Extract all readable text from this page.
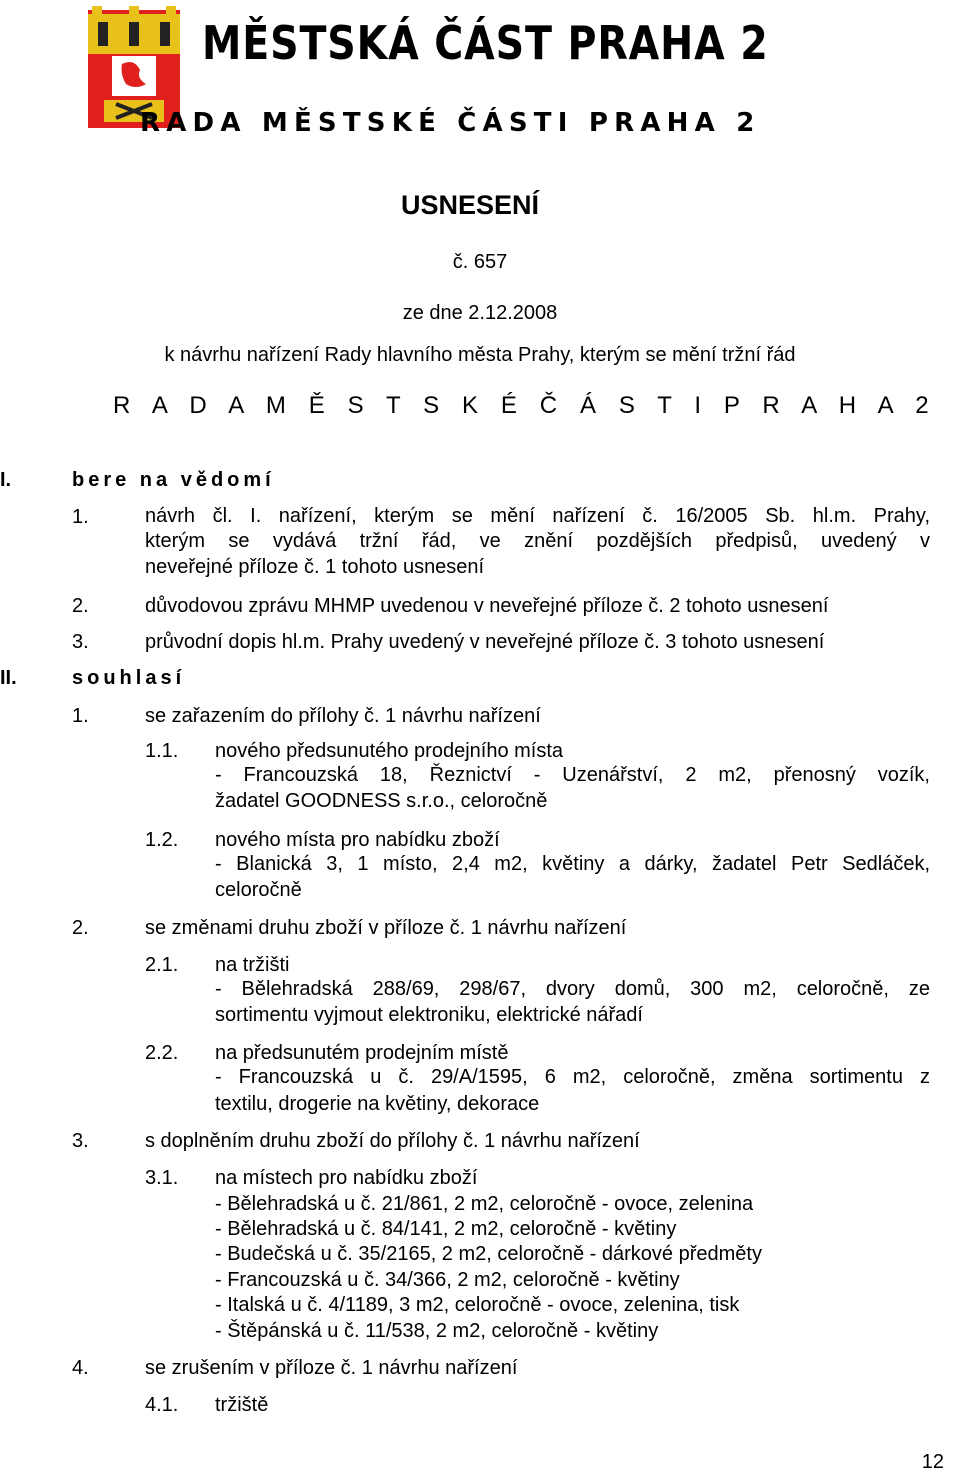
MĚSTSKÁ ČÁST PRAHA 2
RADA MĚSTSKÉ ČÁSTI PRAHA 2
USNESENÍ
č. 657
ze dne 2.12.2008
k návrhu nařízení Rady hlavního města Prahy, kterým se mění tržní řád
R A D A M Ě S T S K É Č Á S T I P R A H A 2
I.	bere na vědomí
1.	návrh čl. I. nařízení, kterým se mění nařízení č. 16/2005 Sb. hl.m. Prahy,
kterým se vydává tržní řád, ve znění pozdějších předpisů, uvedený v
neveřejné příloze č. 1 tohoto usnesení
2.	důvodovou zprávu MHMP uvedenou v neveřejné příloze č. 2 tohoto usnesení
3.	průvodní dopis hl.m. Prahy uvedený v neveřejné příloze č. 3 tohoto usnesení
II.	souhlasí
1.	se zařazením do přílohy č. 1 návrhu nařízení
1.1. nového předsunutého prodejního místa
- Francouzská 18, Řeznictví - Uzenářství, 2 m2, přenosný vozík,
žadatel GOODNESS s.r.o., celoročně
1.2. nového místa pro nabídku zboží
- Blanická 3, 1 místo, 2,4 m2, květiny a dárky, žadatel Petr Sedláček,
celoročně
2.	se změnami druhu zboží v příloze č. 1 návrhu nařízení
2.1. na tržišti
- Bělehradská 288/69, 298/67, dvory domů, 300 m2, celoročně, ze
sortimentu vyjmout elektroniku, elektrické nářadí
2.2. na předsunutém prodejním místě
- Francouzská u č. 29/A/1595, 6 m2, celoročně, změna sortimentu z
textilu, drogerie na květiny, dekorace
3.	s doplněním druhu zboží do přílohy č. 1 návrhu nařízení
3.1. na místech pro nabídku zboží
- Bělehradská u č. 21/861, 2 m2, celoročně - ovoce, zelenina
- Bělehradská u č. 84/141, 2 m2, celoročně - květiny
- Budečská u č. 35/2165, 2 m2, celoročně - dárkové předměty
- Francouzská u č. 34/366, 2 m2, celoročně - květiny
- Italská u č. 4/1189, 3 m2, celoročně - ovoce, zelenina, tisk
- Štěpánská u č. 11/538, 2 m2, celoročně - květiny
4.	se zrušením v příloze č. 1 návrhu nařízení
4.1. tržiště
12
